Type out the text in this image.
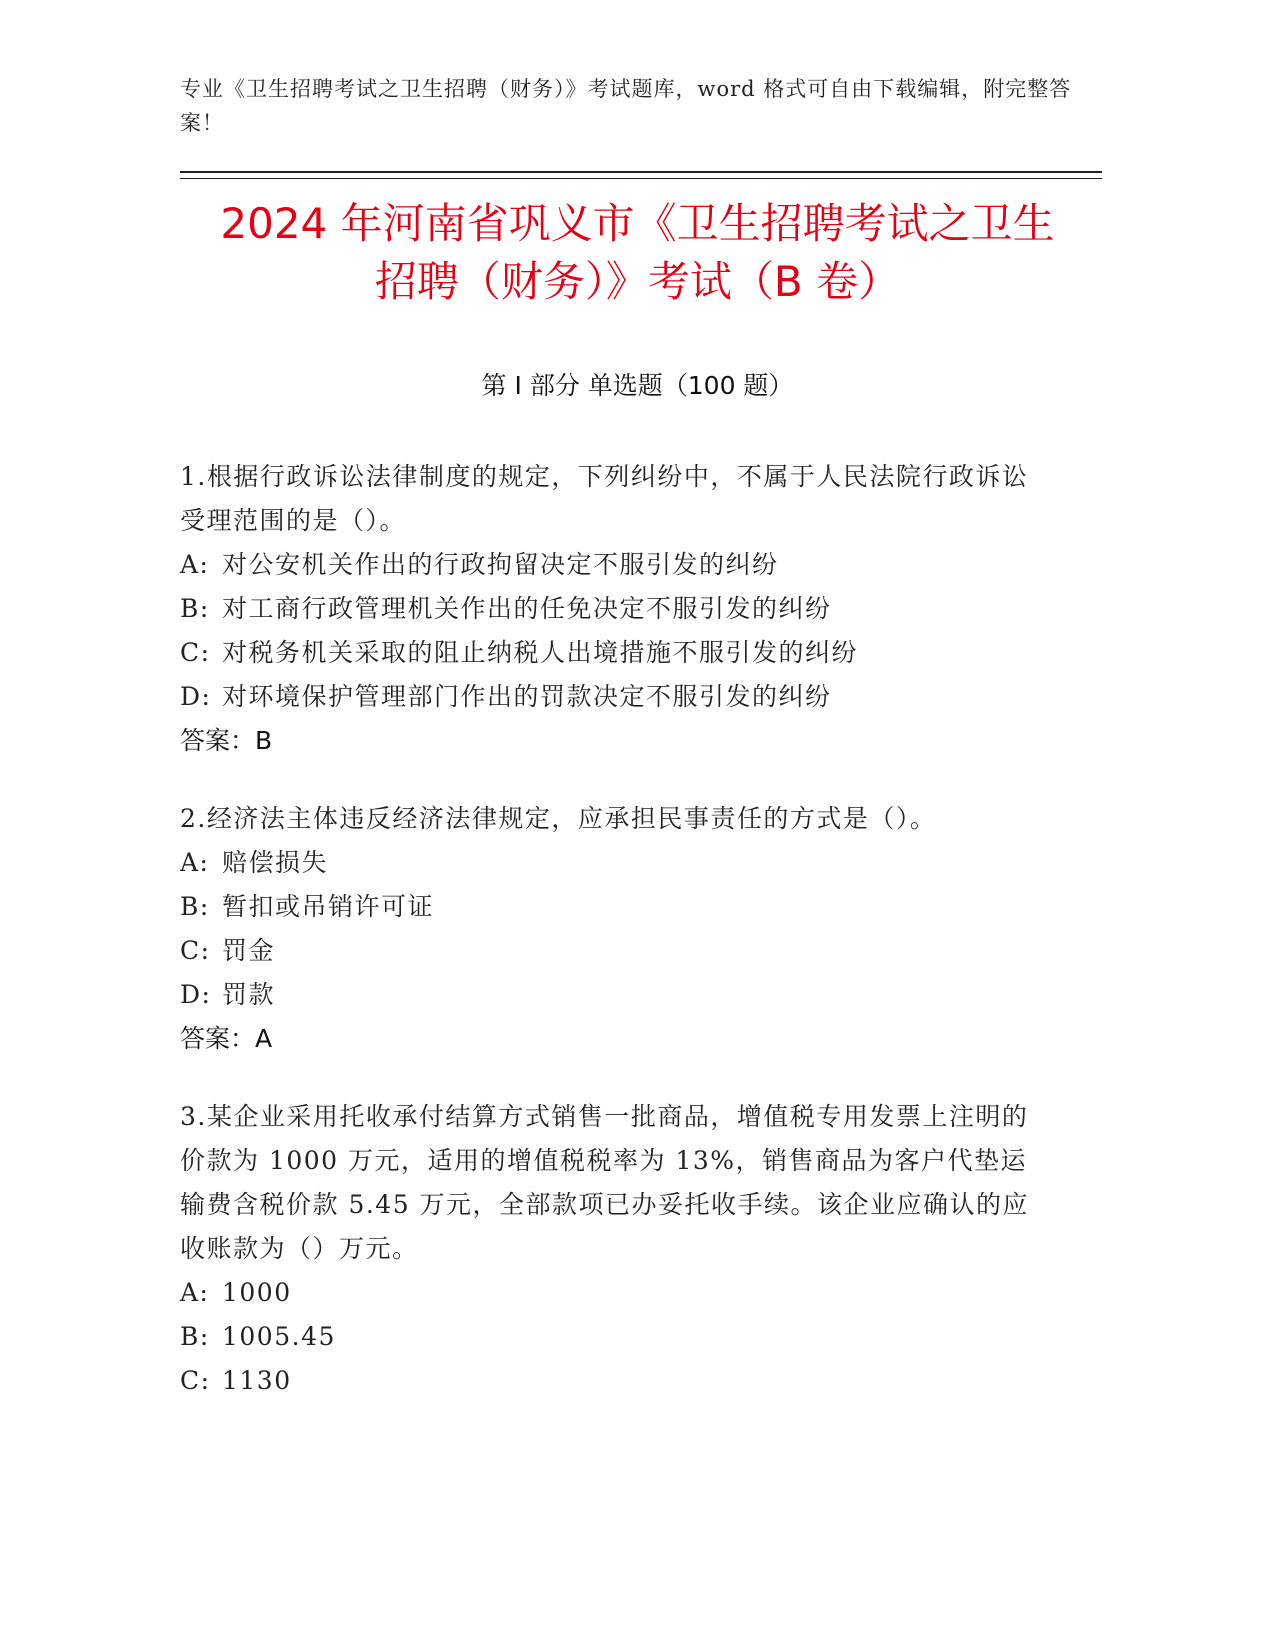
专业《卫生招聘考试之卫生招聘（财务）》考试题库，word 格式可自由下载编辑，附完整答案！
2024 年河南省巩义市《卫生招聘考试之卫生
招聘（财务）》考试（B 卷）
第 I 部分 单选题（100 题）
1.根据行政诉讼法律制度的规定，下列纠纷中，不属于人民法院行政诉讼受理范围的是（）。
A: 对公安机关作出的行政拘留决定不服引发的纠纷
B: 对工商行政管理机关作出的任免决定不服引发的纠纷
C: 对税务机关采取的阻止纳税人出境措施不服引发的纠纷
D: 对环境保护管理部门作出的罚款决定不服引发的纠纷
答案：B
2.经济法主体违反经济法律规定，应承担民事责任的方式是（）。
A: 赔偿损失
B: 暂扣或吊销许可证
C: 罚金
D: 罚款
答案：A
3.某企业采用托收承付结算方式销售一批商品，增值税专用发票上注明的价款为 1000 万元，适用的增值税税率为 13%，销售商品为客户代垫运输费含税价款 5.45 万元，全部款项已办妥托收手续。该企业应确认的应收账款为（）万元。
A: 1000
B: 1005.45
C: 1130
